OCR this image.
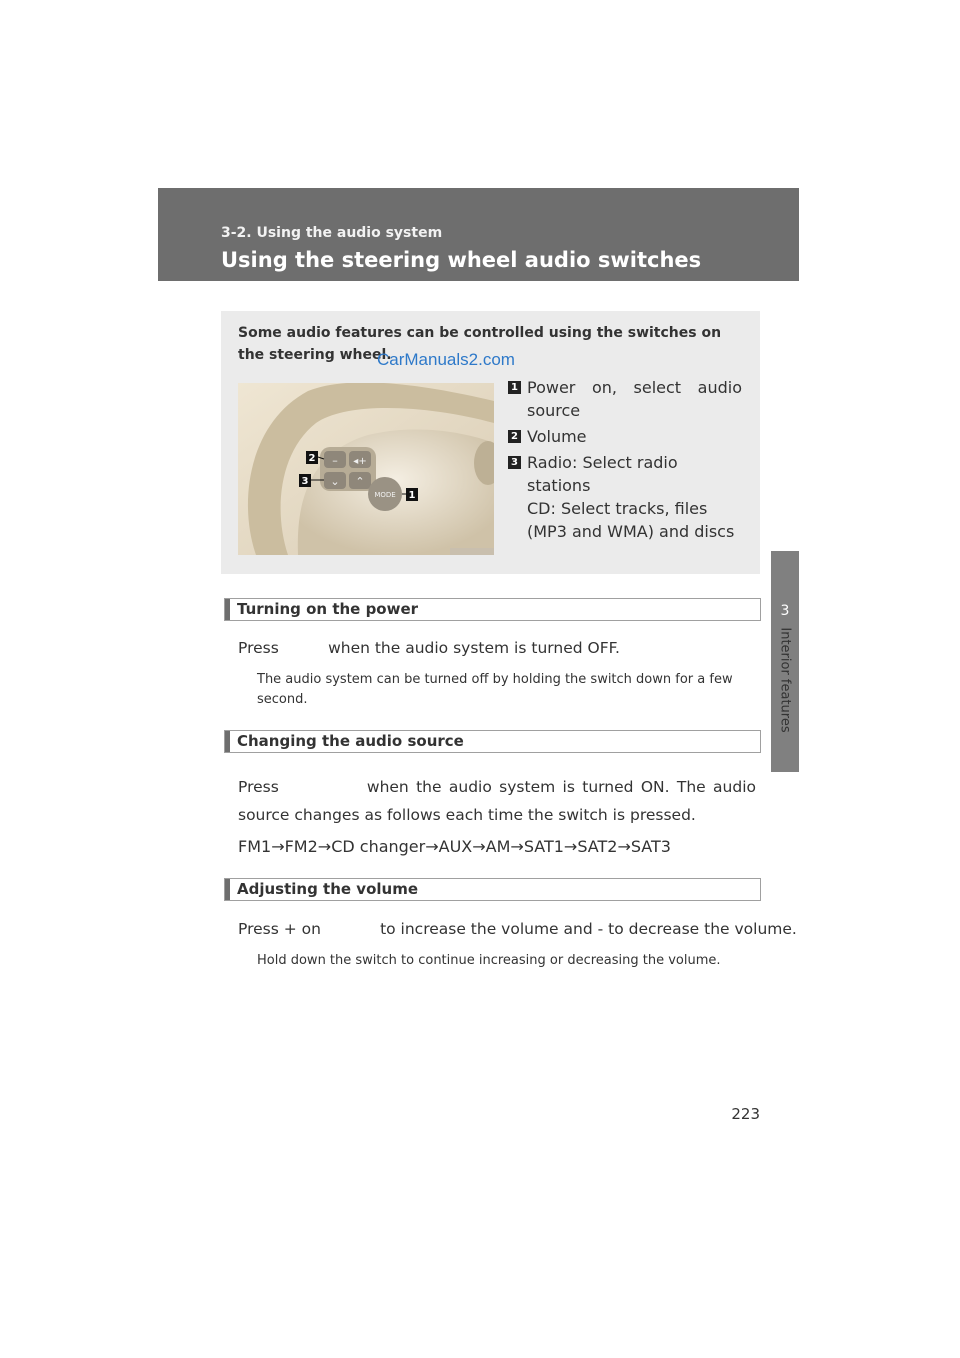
3-2. Using the audio system
Using the steering wheel audio switches
3
Interior features
Some audio features can be controlled using the switches on the steering wheel.
CarManuals2.com
– ◂+
⌄ ⌃
MODE
2
3
1
1 Power on, select audio source
2 Volume
3 Radio: Select radio stations
CD: Select tracks, files (MP3 and WMA) and discs
Turning on the power
Press          when the audio system is turned OFF.
The audio system can be turned off by holding the switch down for a few second.
Changing the audio source
Press            when the audio system is turned ON. The audio source changes as follows each time the switch is pressed.
FM1→FM2→CD changer→AUX→AM→SAT1→SAT2→SAT3
Adjusting the volume
Press + on            to increase the volume and - to decrease the volume.
Hold down the switch to continue increasing or decreasing the volume.
223
